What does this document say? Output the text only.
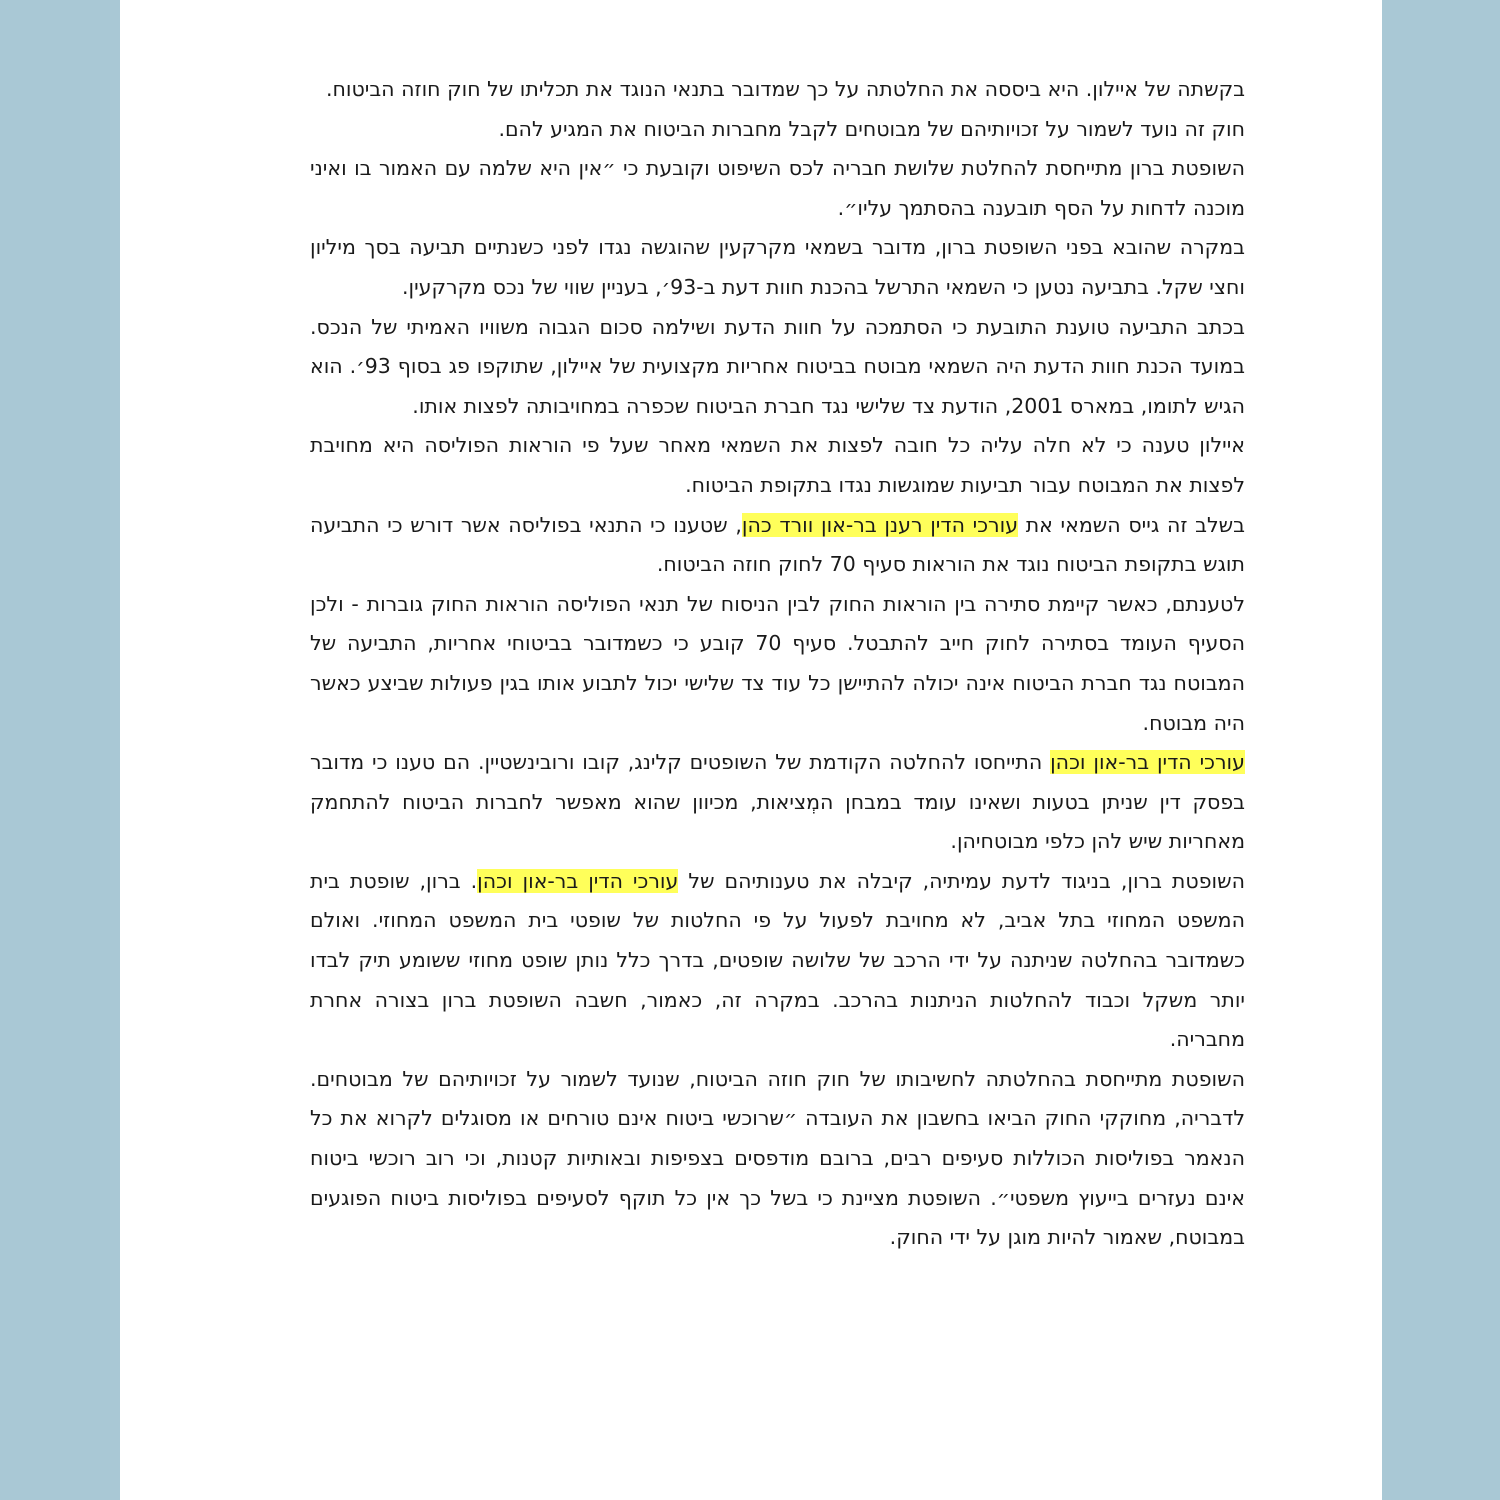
בקשתה של איילון. היא ביססה את החלטתה על כך שמדובר בתנאי הנוגד את תכליתו של חוק חוזה הביטוח.

חוק זה נועד לשמור על זכויותיהם של מבוטחים לקבל מחברות הביטוח את המגיע להם.

השופטת ברון מתייחסת להחלטת שלושת חבריה לכס השיפוט וקובעת כי ״אין היא שלמה עם האמור בו ואיני מוכנה לדחות על הסף תובענה בהסתמך עליו״.

במקרה שהובא בפני השופטת ברון, מדובר בשמאי מקרקעין שהוגשה נגדו לפני כשנתיים תביעה בסך מיליון וחצי שקל. בתביעה נטען כי השמאי התרשל בהכנת חוות דעת ב-93׳, בעניין שווי של נכס מקרקעין.

בכתב התביעה טוענת התובעת כי הסתמכה על חוות הדעת ושילמה סכום הגבוה משוויו האמיתי של הנכס. במועד הכנת חוות הדעת היה השמאי מבוטח בביטוח אחריות מקצועית של איילון, שתוקפו פג בסוף 93׳. הוא הגיש לתומו, במארס 2001, הודעת צד שלישי נגד חברת הביטוח שכפרה במחויבותה לפצות אותו.

איילון טענה כי לא חלה עליה כל חובה לפצות את השמאי מאחר שעל פי הוראות הפוליסה היא מחויבת לפצות את המבוטח עבור תביעות שמוגשות נגדו בתקופת הביטוח.

בשלב זה גייס השמאי את עורכי הדין רענן בר-און וורד כהן, שטענו כי התנאי בפוליסה אשר דורש כי התביעה תוגש בתקופת הביטוח נוגד את הוראות סעיף 70 לחוק חוזה הביטוח.

לטענתם, כאשר קיימת סתירה בין הוראות החוק לבין הניסוח של תנאי הפוליסה הוראות החוק גוברות - ולכן הסעיף העומד בסתירה לחוק חייב להתבטל. סעיף 70 קובע כי כשמדובר בביטוחי אחריות, התביעה של המבוטח נגד חברת הביטוח אינה יכולה להתיישן כל עוד צד שלישי יכול לתבוע אותו בגין פעולות שביצע כאשר היה מבוטח.

עורכי הדין בר-און וכהן התייחסו להחלטה הקודמת של השופטים קלינג, קובו ורובינשטיין. הם טענו כי מדובר בפסק דין שניתן בטעות ושאינו עומד במבחן המְציאות, מכיוון שהוא מאפשר לחברות הביטוח להתחמק מאחריות שיש להן כלפי מבוטחיהן.

השופטת ברון, בניגוד לדעת עמיתיה, קיבלה את טענותיהם של עורכי הדין בר-און וכהן. ברון, שופטת בית המשפט המחוזי בתל אביב, לא מחויבת לפעול על פי החלטות של שופטי בית המשפט המחוזי. ואולם כשמדובר בהחלטה שניתנה על ידי הרכב של שלושה שופטים, בדרך כלל נותן שופט מחוזי ששומע תיק לבדו יותר משקל וכבוד להחלטות הניתנות בהרכב. במקרה זה, כאמור, חשבה השופטת ברון בצורה אחרת מחבריה.

השופטת מתייחסת בהחלטתה לחשיבותו של חוק חוזה הביטוח, שנועד לשמור על זכויותיהם של מבוטחים. לדבריה, מחוקקי החוק הביאו בחשבון את העובדה ״שרוכשי ביטוח אינם טורחים או מסוגלים לקרוא את כל הנאמר בפוליסות הכוללות סעיפים רבים, ברובם מודפסים בצפיפות ובאותיות קטנות, וכי רוב רוכשי ביטוח אינם נעזרים בייעוץ משפטי״. השופטת מציינת כי בשל כך אין כל תוקף לסעיפים בפוליסות ביטוח הפוגעים במבוטח, שאמור להיות מוגן על ידי החוק.
